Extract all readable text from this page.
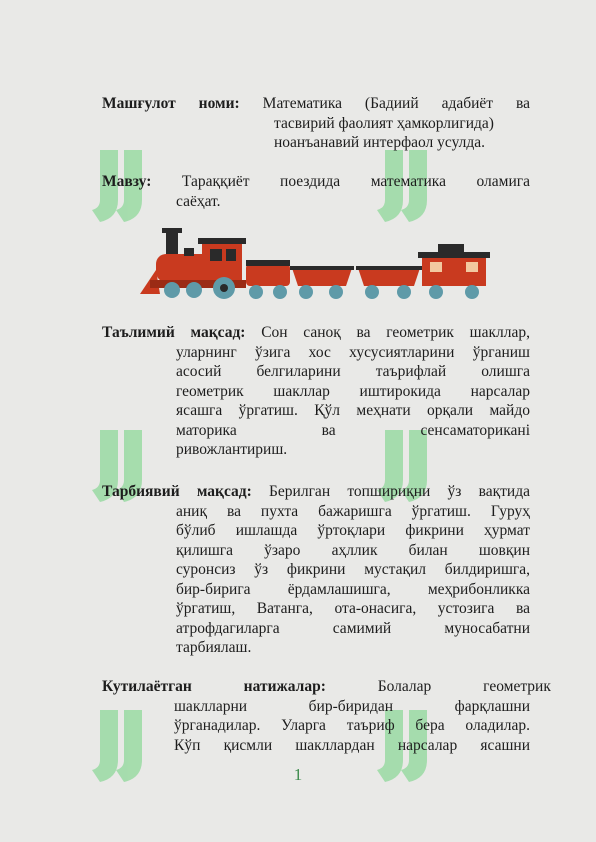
Машғулот номи: Математика (Бадиий адабиёт ва
тасвирий фаолият ҳамкорлигида)
ноанъанавий интерфаол усулда.
Мавзу: Тараққиёт поездида математика оламига
саёҳат.
Таълимий мақсад: Сон саноқ ва геометрик шакллар,
уларнинг ўзига хос хусусиятларини ўрганиш
асосий белгиларини таърифлай олишга
геометрик шакллар иштирокида нарсалар
ясашга ўргатиш. Қўл меҳнати орқали майдо
маторика ва сенсаматориканi
ривожлантириш.
Тарбиявий мақсад: Берилган топшириқни ўз вақтида
аниқ ва пухта бажаришга ўргатиш. Гуруҳ
бўлиб ишлашда ўртоқлари фикрини ҳурмат
қилишга ўзаро аҳллик билан шовқин
суронсиз ўз фикрини мустақил билдиришга,
бир-бирига ёрдамлашишга, меҳрибонликка
ўргатиш, Ватанга, ота-онасига, устозига ва
атрофдагиларга самимий муносабатни
тарбиялаш.
Кутилаётган натижалар:	Болалар геометрик
шаклларни бир-биридан фарқлашни
ўрганадилар. Уларга таъриф бера оладилар.
Кўп қисмли шакллардан нарсалар ясашни
1
